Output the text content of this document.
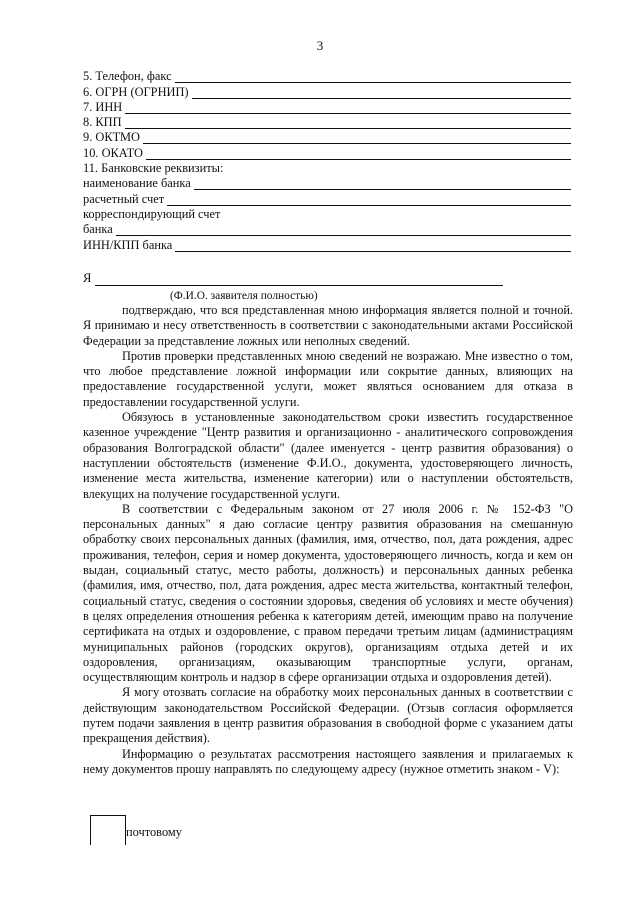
3
5. Телефон, факс
6. ОГРН (ОГРНИП)
7. ИНН
8. КПП
9. ОКТМО
10. ОКАТО
11. Банковские реквизиты:
наименование банка
расчетный счет
корреспондирующий счет
банка
ИНН/КПП банка
Я
(Ф.И.О. заявителя полностью)

подтверждаю, что вся представленная мною информация является полной и точной. Я принимаю и несу ответственность в соответствии с законодательными актами Российской Федерации за представление ложных или неполных сведений.

Против проверки представленных мною сведений не возражаю. Мне известно о том, что любое представление ложной информации или сокрытие данных, влияющих на предоставление государственной услуги, может являться основанием для отказа в предоставлении государственной услуги.

Обязуюсь в установленные законодательством сроки известить государственное казенное учреждение "Центр развития и организационно - аналитического сопровождения образования Волгоградской области" (далее именуется - центр развития образования) о наступлении обстоятельств (изменение Ф.И.О., документа, удостоверяющего личность, изменение места жительства, изменение категории) или о наступлении обстоятельств, влекущих на получение государственной услуги.

В соответствии с Федеральным законом от 27 июля 2006 г. № 152-ФЗ "О персональных данных" я даю согласие центру развития образования на смешанную обработку своих персональных данных (фамилия, имя, отчество, пол, дата рождения, адрес проживания, телефон, серия и номер документа, удостоверяющего личность, когда и кем он выдан, социальный статус, место работы, должность) и персональных данных ребенка (фамилия, имя, отчество, пол, дата рождения, адрес места жительства, контактный телефон, социальный статус, сведения о состоянии здоровья, сведения об условиях и месте обучения) в целях определения отношения ребенка к категориям детей, имеющим право на получение сертификата на отдых и оздоровление, с правом передачи третьим лицам (администрациям муниципальных районов (городских округов), организациям отдыха детей и их оздоровления, организациям, оказывающим транспортные услуги, органам, осуществляющим контроль и надзор в сфере организации отдыха и оздоровления детей).

Я могу отозвать согласие на обработку моих персональных данных в соответствии с действующим законодательством Российской Федерации. (Отзыв согласия оформляется путем подачи заявления в центр развития образования в свободной форме с указанием даты прекращения действия).

Информацию о результатах рассмотрения настоящего заявления и прилагаемых к нему документов прошу направлять по следующему адресу (нужное отметить знаком - V):

почтовому
